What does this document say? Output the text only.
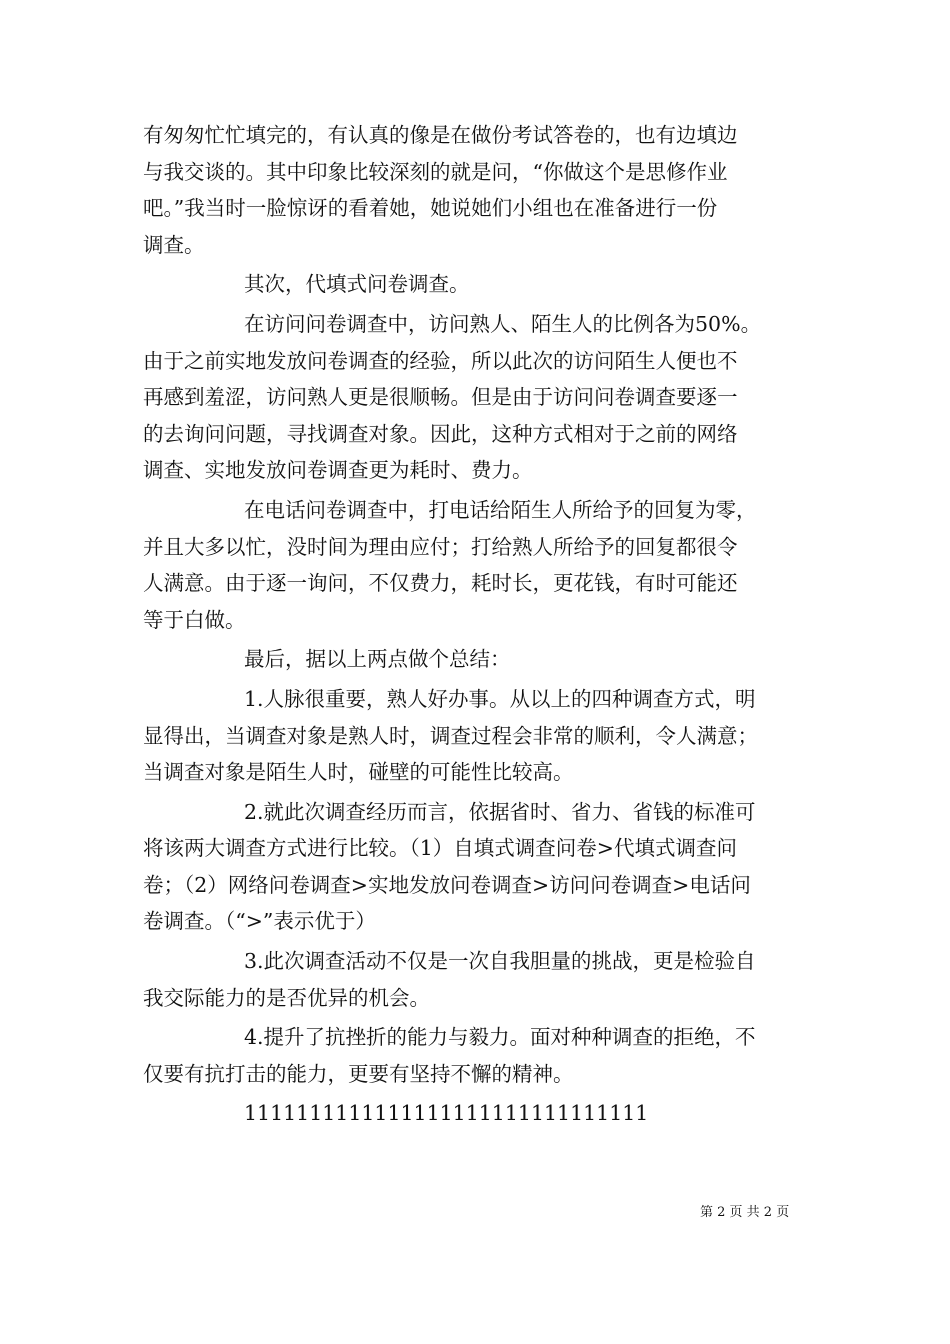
有匆匆忙忙填完的，有认真的像是在做份考试答卷的，也有边填边
与我交谈的。其中印象比较深刻的就是问，“你做这个是思修作业
吧。”我当时一脸惊讶的看着她，她说她们小组也在准备进行一份
调查。
其次，代填式问卷调查。
在访问问卷调查中，访问熟人、陌生人的比例各为50%。
由于之前实地发放问卷调查的经验，所以此次的访问陌生人便也不
再感到羞涩，访问熟人更是很顺畅。但是由于访问问卷调查要逐一
的去询问问题，寻找调查对象。因此，这种方式相对于之前的网络
调查、实地发放问卷调查更为耗时、费力。
在电话问卷调查中，打电话给陌生人所给予的回复为零，
并且大多以忙，没时间为理由应付；打给熟人所给予的回复都很令
人满意。由于逐一询问，不仅费力，耗时长，更花钱，有时可能还
等于白做。
最后，据以上两点做个总结：
1.人脉很重要，熟人好办事。从以上的四种调查方式，明
显得出，当调查对象是熟人时，调查过程会非常的顺利，令人满意；
当调查对象是陌生人时，碰壁的可能性比较高。
2.就此次调查经历而言，依据省时、省力、省钱的标准可
将该两大调查方式进行比较。（1）自填式调查问卷>代填式调查问
卷；（2）网络问卷调查>实地发放问卷调查>访问问卷调查>电话问
卷调查。（“>”表示优于）
3.此次调查活动不仅是一次自我胆量的挑战，更是检验自
我交际能力的是否优异的机会。
4.提升了抗挫折的能力与毅力。面对种种调查的拒绝，不
仅要有抗打击的能力，更要有坚持不懈的精神。
1111111111111111111111111111111
第 2 页 共 2 页
